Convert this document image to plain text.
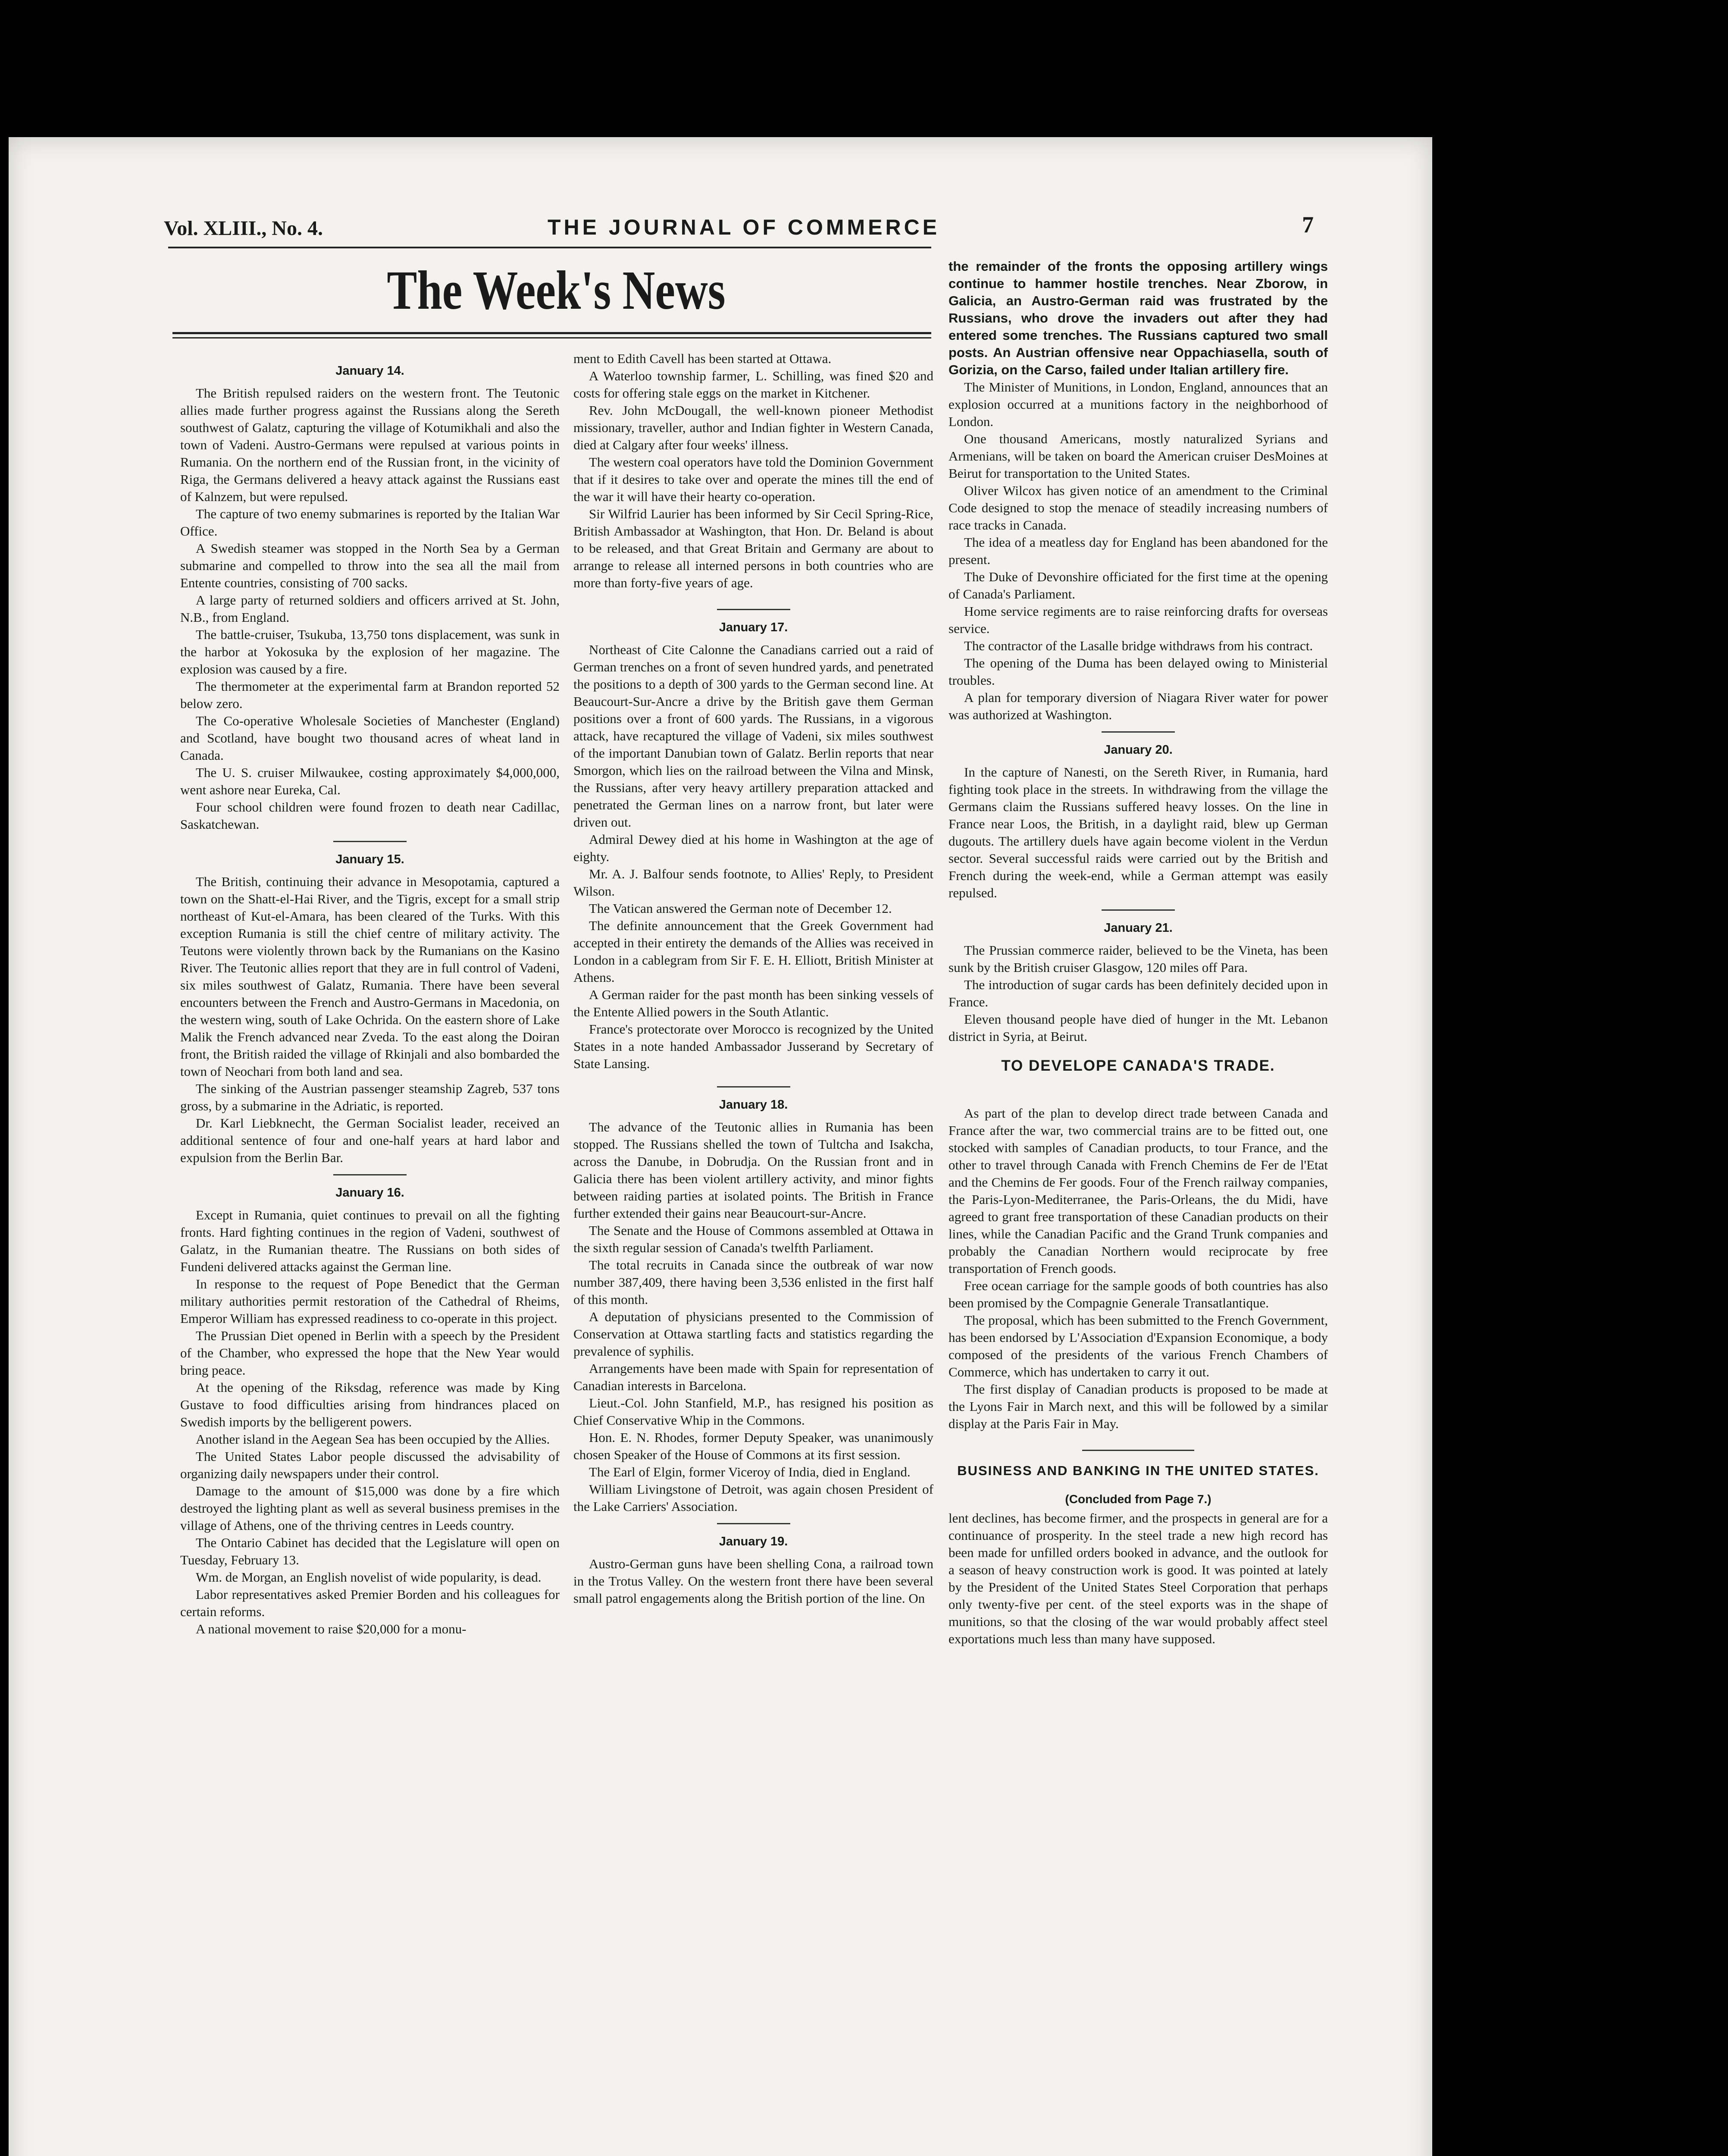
Vol. XLIII., No. 4.	THE JOURNAL OF COMMERCE	7
The Week's News
January 14.

The British repulsed raiders on the western front. The Teutonic allies made further progress against the Russians along the Sereth southwest of Galatz, capturing the village of Kotumikhali and also the town of Vadeni. Austro-Germans were repulsed at various points in Rumania. On the northern end of the Russian front, in the vicinity of Riga, the Germans delivered a heavy attack against the Russians east of Kalnzem, but were repulsed.

The capture of two enemy submarines is reported by the Italian War Office.

A Swedish steamer was stopped in the North Sea by a German submarine and compelled to throw into the sea all the mail from Entente countries, consisting of 700 sacks.

A large party of returned soldiers and officers arrived at St. John, N.B., from England.

The battle-cruiser, Tsukuba, 13,750 tons displacement, was sunk in the harbor at Yokosuka by the explosion of her magazine. The explosion was caused by a fire.

The thermometer at the experimental farm at Brandon reported 52 below zero.

The Co-operative Wholesale Societies of Manchester (England) and Scotland, have bought two thousand acres of wheat land in Canada.

The U. S. cruiser Milwaukee, costing approximately $4,000,000, went ashore near Eureka, Cal.

Four school children were found frozen to death near Cadillac, Saskatchewan.

January 15.

The British, continuing their advance in Mesopotamia, captured a town on the Shatt-el-Hai River, and the Tigris, except for a small strip northeast of Kut-el-Amara, has been cleared of the Turks. With this exception Rumania is still the chief centre of military activity. The Teutons were violently thrown back by the Rumanians on the Kasino River. The Teutonic allies report that they are in full control of Vadeni, six miles southwest of Galatz, Rumania. There have been several encounters between the French and Austro-Germans in Macedonia, on the western wing, south of Lake Ochrida. On the eastern shore of Lake Malik the French advanced near Zveda. To the east along the Doiran front, the British raided the village of Rkinjali and also bombarded the town of Neochari from both land and sea.

The sinking of the Austrian passenger steamship Zagreb, 537 tons gross, by a submarine in the Adriatic, is reported.

Dr. Karl Liebknecht, the German Socialist leader, received an additional sentence of four and one-half years at hard labor and expulsion from the Berlin Bar.

January 16.

Except in Rumania, quiet continues to prevail on all the fighting fronts. Hard fighting continues in the region of Vadeni, southwest of Galatz, in the Rumanian theatre. The Russians on both sides of Fundeni delivered attacks against the German line.

In response to the request of Pope Benedict that the German military authorities permit restoration of the Cathedral of Rheims, Emperor William has expressed readiness to co-operate in this project.

The Prussian Diet opened in Berlin with a speech by the President of the Chamber, who expressed the hope that the New Year would bring peace.

At the opening of the Riksdag, reference was made by King Gustave to food difficulties arising from hindrances placed on Swedish imports by the belligerent powers.

Another island in the Aegean Sea has been occupied by the Allies.

The United States Labor people discussed the advisability of organizing daily newspapers under their control.

Damage to the amount of $15,000 was done by a fire which destroyed the lighting plant as well as several business premises in the village of Athens, one of the thriving centres in Leeds country.

The Ontario Cabinet has decided that the Legislature will open on Tuesday, February 13.

Wm. de Morgan, an English novelist of wide popularity, is dead.

Labor representatives asked Premier Borden and his colleagues for certain reforms.

A national movement to raise $20,000 for a monu-

ment to Edith Cavell has been started at Ottawa.

A Waterloo township farmer, L. Schilling, was fined $20 and costs for offering stale eggs on the market in Kitchener.

Rev. John McDougall, the well-known pioneer Methodist missionary, traveller, author and Indian fighter in Western Canada, died at Calgary after four weeks' illness.

The western coal operators have told the Dominion Government that if it desires to take over and operate the mines till the end of the war it will have their hearty co-operation.

Sir Wilfrid Laurier has been informed by Sir Cecil Spring-Rice, British Ambassador at Washington, that Hon. Dr. Beland is about to be released, and that Great Britain and Germany are about to arrange to release all interned persons in both countries who are more than forty-five years of age.

January 17.

Northeast of Cite Calonne the Canadians carried out a raid of German trenches on a front of seven hundred yards, and penetrated the positions to a depth of 300 yards to the German second line. At Beaucourt-Sur-Ancre a drive by the British gave them German positions over a front of 600 yards. The Russians, in a vigorous attack, have recaptured the village of Vadeni, six miles southwest of the important Danubian town of Galatz. Berlin reports that near Smorgon, which lies on the railroad between the Vilna and Minsk, the Russians, after very heavy artillery preparation attacked and penetrated the German lines on a narrow front, but later were driven out.

Admiral Dewey died at his home in Washington at the age of eighty.

Mr. A. J. Balfour sends footnote, to Allies' Reply, to President Wilson.

The Vatican answered the German note of December 12.

The definite announcement that the Greek Government had accepted in their entirety the demands of the Allies was received in London in a cablegram from Sir F. E. H. Elliott, British Minister at Athens.

A German raider for the past month has been sinking vessels of the Entente Allied powers in the South Atlantic.

France's protectorate over Morocco is recognized by the United States in a note handed Ambassador Jusserand by Secretary of State Lansing.

January 18.

The advance of the Teutonic allies in Rumania has been stopped. The Russians shelled the town of Tultcha and Isakcha, across the Danube, in Dobrudja. On the Russian front and in Galicia there has been violent artillery activity, and minor fights between raiding parties at isolated points. The British in France further extended their gains near Beaucourt-sur-Ancre.

The Senate and the House of Commons assembled at Ottawa in the sixth regular session of Canada's twelfth Parliament.

The total recruits in Canada since the outbreak of war now number 387,409, there having been 3,536 enlisted in the first half of this month.

A deputation of physicians presented to the Commission of Conservation at Ottawa startling facts and statistics regarding the prevalence of syphilis.

Arrangements have been made with Spain for representation of Canadian interests in Barcelona.

Lieut.-Col. John Stanfield, M.P., has resigned his position as Chief Conservative Whip in the Commons.

Hon. E. N. Rhodes, former Deputy Speaker, was unanimously chosen Speaker of the House of Commons at its first session.

The Earl of Elgin, former Viceroy of India, died in England.

William Livingstone of Detroit, was again chosen President of the Lake Carriers' Association.

January 19.

Austro-German guns have been shelling Cona, a railroad town in the Trotus Valley. On the western front there have been several small patrol engagements along the British portion of the line. On

the remainder of the fronts the opposing artillery wings continue to hammer hostile trenches. Near Zborow, in Galicia, an Austro-German raid was frustrated by the Russians, who drove the invaders out after they had entered some trenches. The Russians captured two small posts. An Austrian offensive near Oppachiasella, south of Gorizia, on the Carso, failed under Italian artillery fire.

The Minister of Munitions, in London, England, announces that an explosion occurred at a munitions factory in the neighborhood of London.

One thousand Americans, mostly naturalized Syrians and Armenians, will be taken on board the American cruiser DesMoines at Beirut for transportation to the United States.

Oliver Wilcox has given notice of an amendment to the Criminal Code designed to stop the menace of steadily increasing numbers of race tracks in Canada.

The idea of a meatless day for England has been abandoned for the present.

The Duke of Devonshire officiated for the first time at the opening of Canada's Parliament.

Home service regiments are to raise reinforcing drafts for overseas service.

The contractor of the Lasalle bridge withdraws from his contract.

The opening of the Duma has been delayed owing to Ministerial troubles.

A plan for temporary diversion of Niagara River water for power was authorized at Washington.

January 20.

In the capture of Nanesti, on the Sereth River, in Rumania, hard fighting took place in the streets. In withdrawing from the village the Germans claim the Russians suffered heavy losses. On the line in France near Loos, the British, in a daylight raid, blew up German dugouts. The artillery duels have again become violent in the Verdun sector. Several successful raids were carried out by the British and French during the week-end, while a German attempt was easily repulsed.

January 21.

The Prussian commerce raider, believed to be the Vineta, has been sunk by the British cruiser Glasgow, 120 miles off Para.

The introduction of sugar cards has been definitely decided upon in France.

Eleven thousand people have died of hunger in the Mt. Lebanon district in Syria, at Beirut.

TO DEVELOPE CANADA'S TRADE.

As part of the plan to develop direct trade between Canada and France after the war, two commercial trains are to be fitted out, one stocked with samples of Canadian products, to tour France, and the other to travel through Canada with French Chemins de Fer de l'Etat and the Chemins de Fer goods. Four of the French railway companies, the Paris-Lyon-Mediterranee, the Paris-Orleans, the du Midi, have agreed to grant free transportation of these Canadian products on their lines, while the Canadian Pacific and the Grand Trunk companies and probably the Canadian Northern would reciprocate by free transportation of French goods.

Free ocean carriage for the sample goods of both countries has also been promised by the Compagnie Generale Transatlantique.

The proposal, which has been submitted to the French Government, has been endorsed by L'Association d'Expansion Economique, a body composed of the presidents of the various French Chambers of Commerce, which has undertaken to carry it out.

The first display of Canadian products is proposed to be made at the Lyons Fair in March next, and this will be followed by a similar display at the Paris Fair in May.

BUSINESS AND BANKING IN THE UNITED STATES.
(Concluded from Page 7.)

lent declines, has become firmer, and the prospects in general are for a continuance of prosperity. In the steel trade a new high record has been made for unfilled orders booked in advance, and the outlook for a season of heavy construction work is good. It was pointed at lately by the President of the United States Steel Corporation that perhaps only twenty-five per cent. of the steel exports was in the shape of munitions, so that the closing of the war would probably affect steel exportations much less than many have supposed.
